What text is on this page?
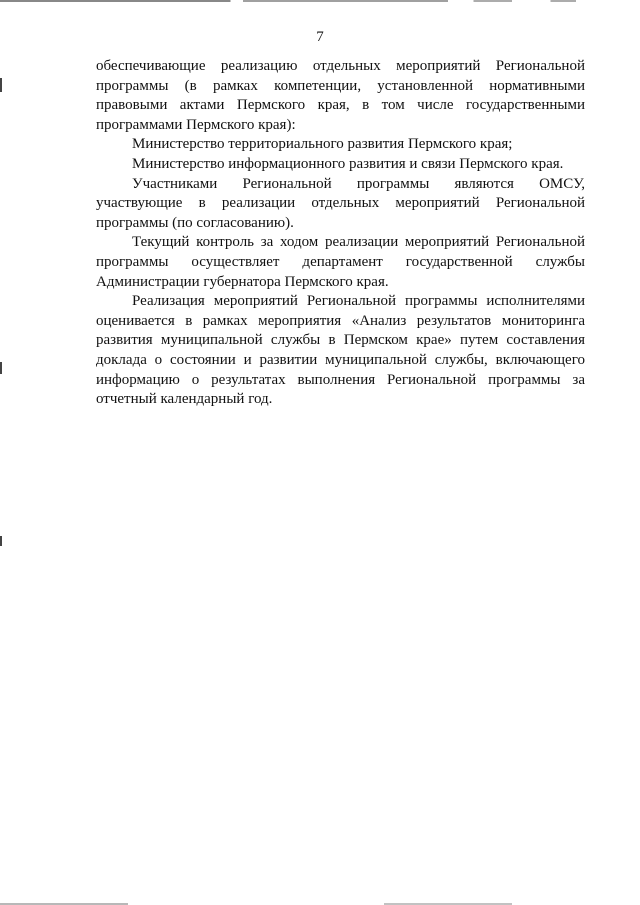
7

обеспечивающие реализацию отдельных мероприятий Региональной программы (в рамках компетенции, установленной нормативными правовыми актами Пермского края, в том числе государственными программами Пермского края):

Министерство территориального развития Пермского края;

Министерство информационного развития и связи Пермского края.

Участниками Региональной программы являются ОМСУ, участвующие в реализации отдельных мероприятий Региональной программы (по согласованию).

Текущий контроль за ходом реализации мероприятий Региональной программы осуществляет департамент государственной службы Администрации губернатора Пермского края.

Реализация мероприятий Региональной программы исполнителями оценивается в рамках мероприятия «Анализ результатов мониторинга развития муниципальной службы в Пермском крае» путем составления доклада о состоянии и развитии муниципальной службы, включающего информацию о результатах выполнения Региональной программы за отчетный календарный год.
